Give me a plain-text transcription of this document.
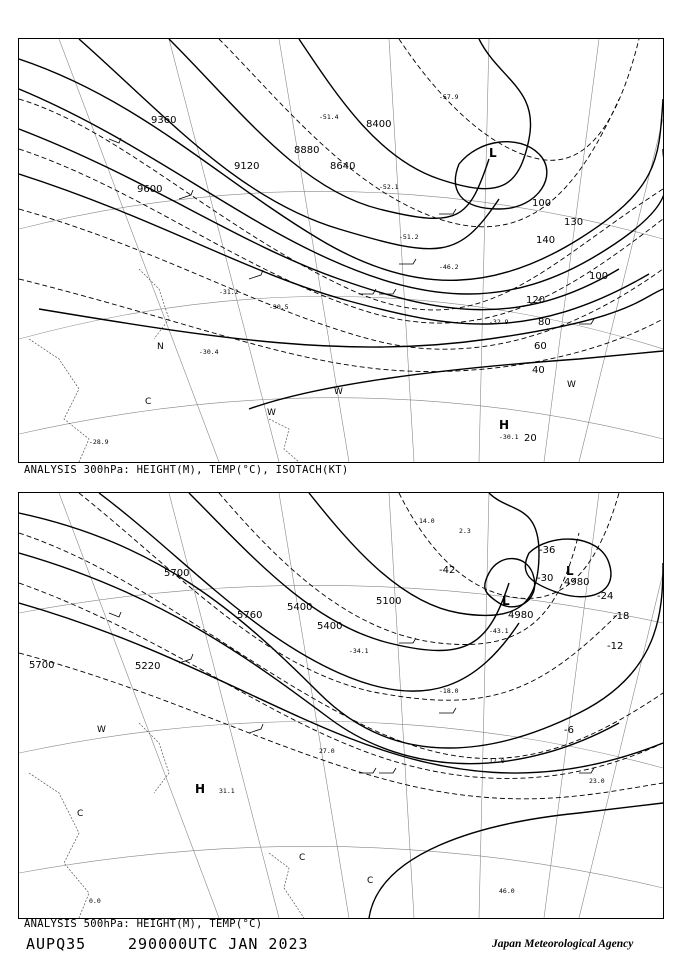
-51.4
-57.9
-52.1
-30.5
-31.2
-32.9
-30.4
-30.1
-28.9
-46.2
-51.2
9360
9120
9600
8400
8640
8880
20
40
60
80
100
120
140
130
100
L
H
W
W
W
C
N
ANALYSIS 300hPa: HEIGHT(M), TEMP(°C), ISOTACH(KT)
14.0
2.3
-43.1
-34.1
-18.0
27.0
31.1
17.0
23.0
46.0
0.0
5700
5760
5400
5400
5100
5700	5220
4980
4980
-6
-12
-18
-24
-30
-36
-42
L
L
H
W
C
C
C
ANALYSIS 500hPa: HEIGHT(M), TEMP(°C)
AUPQ35	290000UTC JAN 2023	Japan Meteorological Agency
